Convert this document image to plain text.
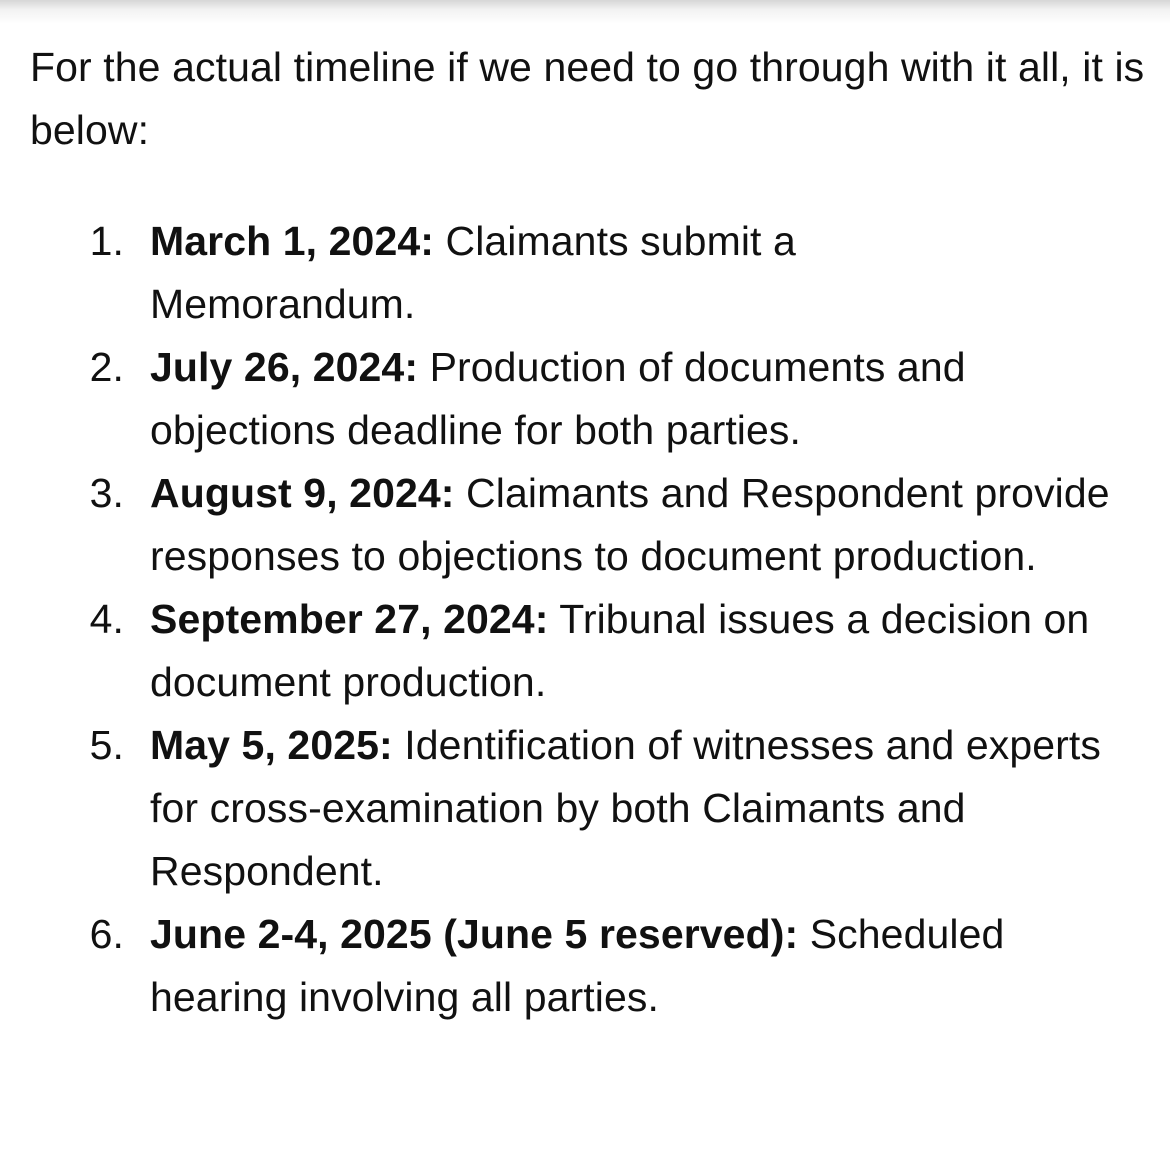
For the actual timeline if we need to go through with it all, it is below:

1. March 1, 2024: Claimants submit a Memorandum.
2. July 26, 2024: Production of documents and objections deadline for both parties.
3. August 9, 2024: Claimants and Respondent provide responses to objections to document production.
4. September 27, 2024: Tribunal issues a decision on document production.
5. May 5, 2025: Identification of witnesses and experts for cross-examination by both Claimants and Respondent.
6. June 2-4, 2025 (June 5 reserved): Scheduled hearing involving all parties.
